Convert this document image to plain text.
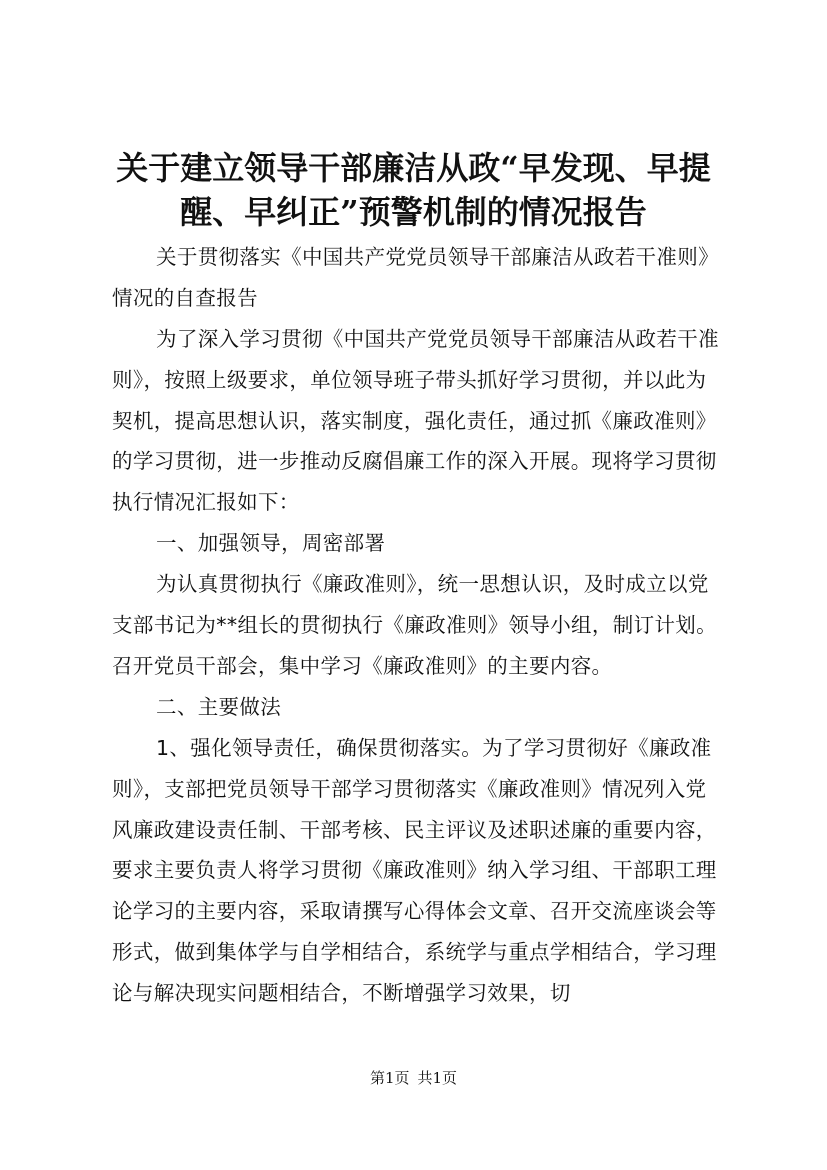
关于建立领导干部廉洁从政“早发现、早提
醒、早纠正”预警机制的情况报告

关于贯彻落实《中国共产党党员领导干部廉洁从政若干准则》情况的自查报告

为了深入学习贯彻《中国共产党党员领导干部廉洁从政若干准则》，按照上级要求，单位领导班子带头抓好学习贯彻，并以此为契机，提高思想认识，落实制度，强化责任，通过抓《廉政准则》的学习贯彻，进一步推动反腐倡廉工作的深入开展。现将学习贯彻执行情况汇报如下：

一、加强领导，周密部署

为认真贯彻执行《廉政准则》，统一思想认识，及时成立以党支部书记为**组长的贯彻执行《廉政准则》领导小组，制订计划。召开党员干部会，集中学习《廉政准则》的主要内容。

二、主要做法

1、强化领导责任，确保贯彻落实。为了学习贯彻好《廉政准则》，支部把党员领导干部学习贯彻落实《廉政准则》情况列入党风廉政建设责任制、干部考核、民主评议及述职述廉的重要内容，要求主要负责人将学习贯彻《廉政准则》纳入学习组、干部职工理论学习的主要内容，采取请撰写心得体会文章、召开交流座谈会等形式，做到集体学与自学相结合，系统学与重点学相结合，学习理论与解决现实问题相结合，不断增强学习效果，切

第1页 共1页
